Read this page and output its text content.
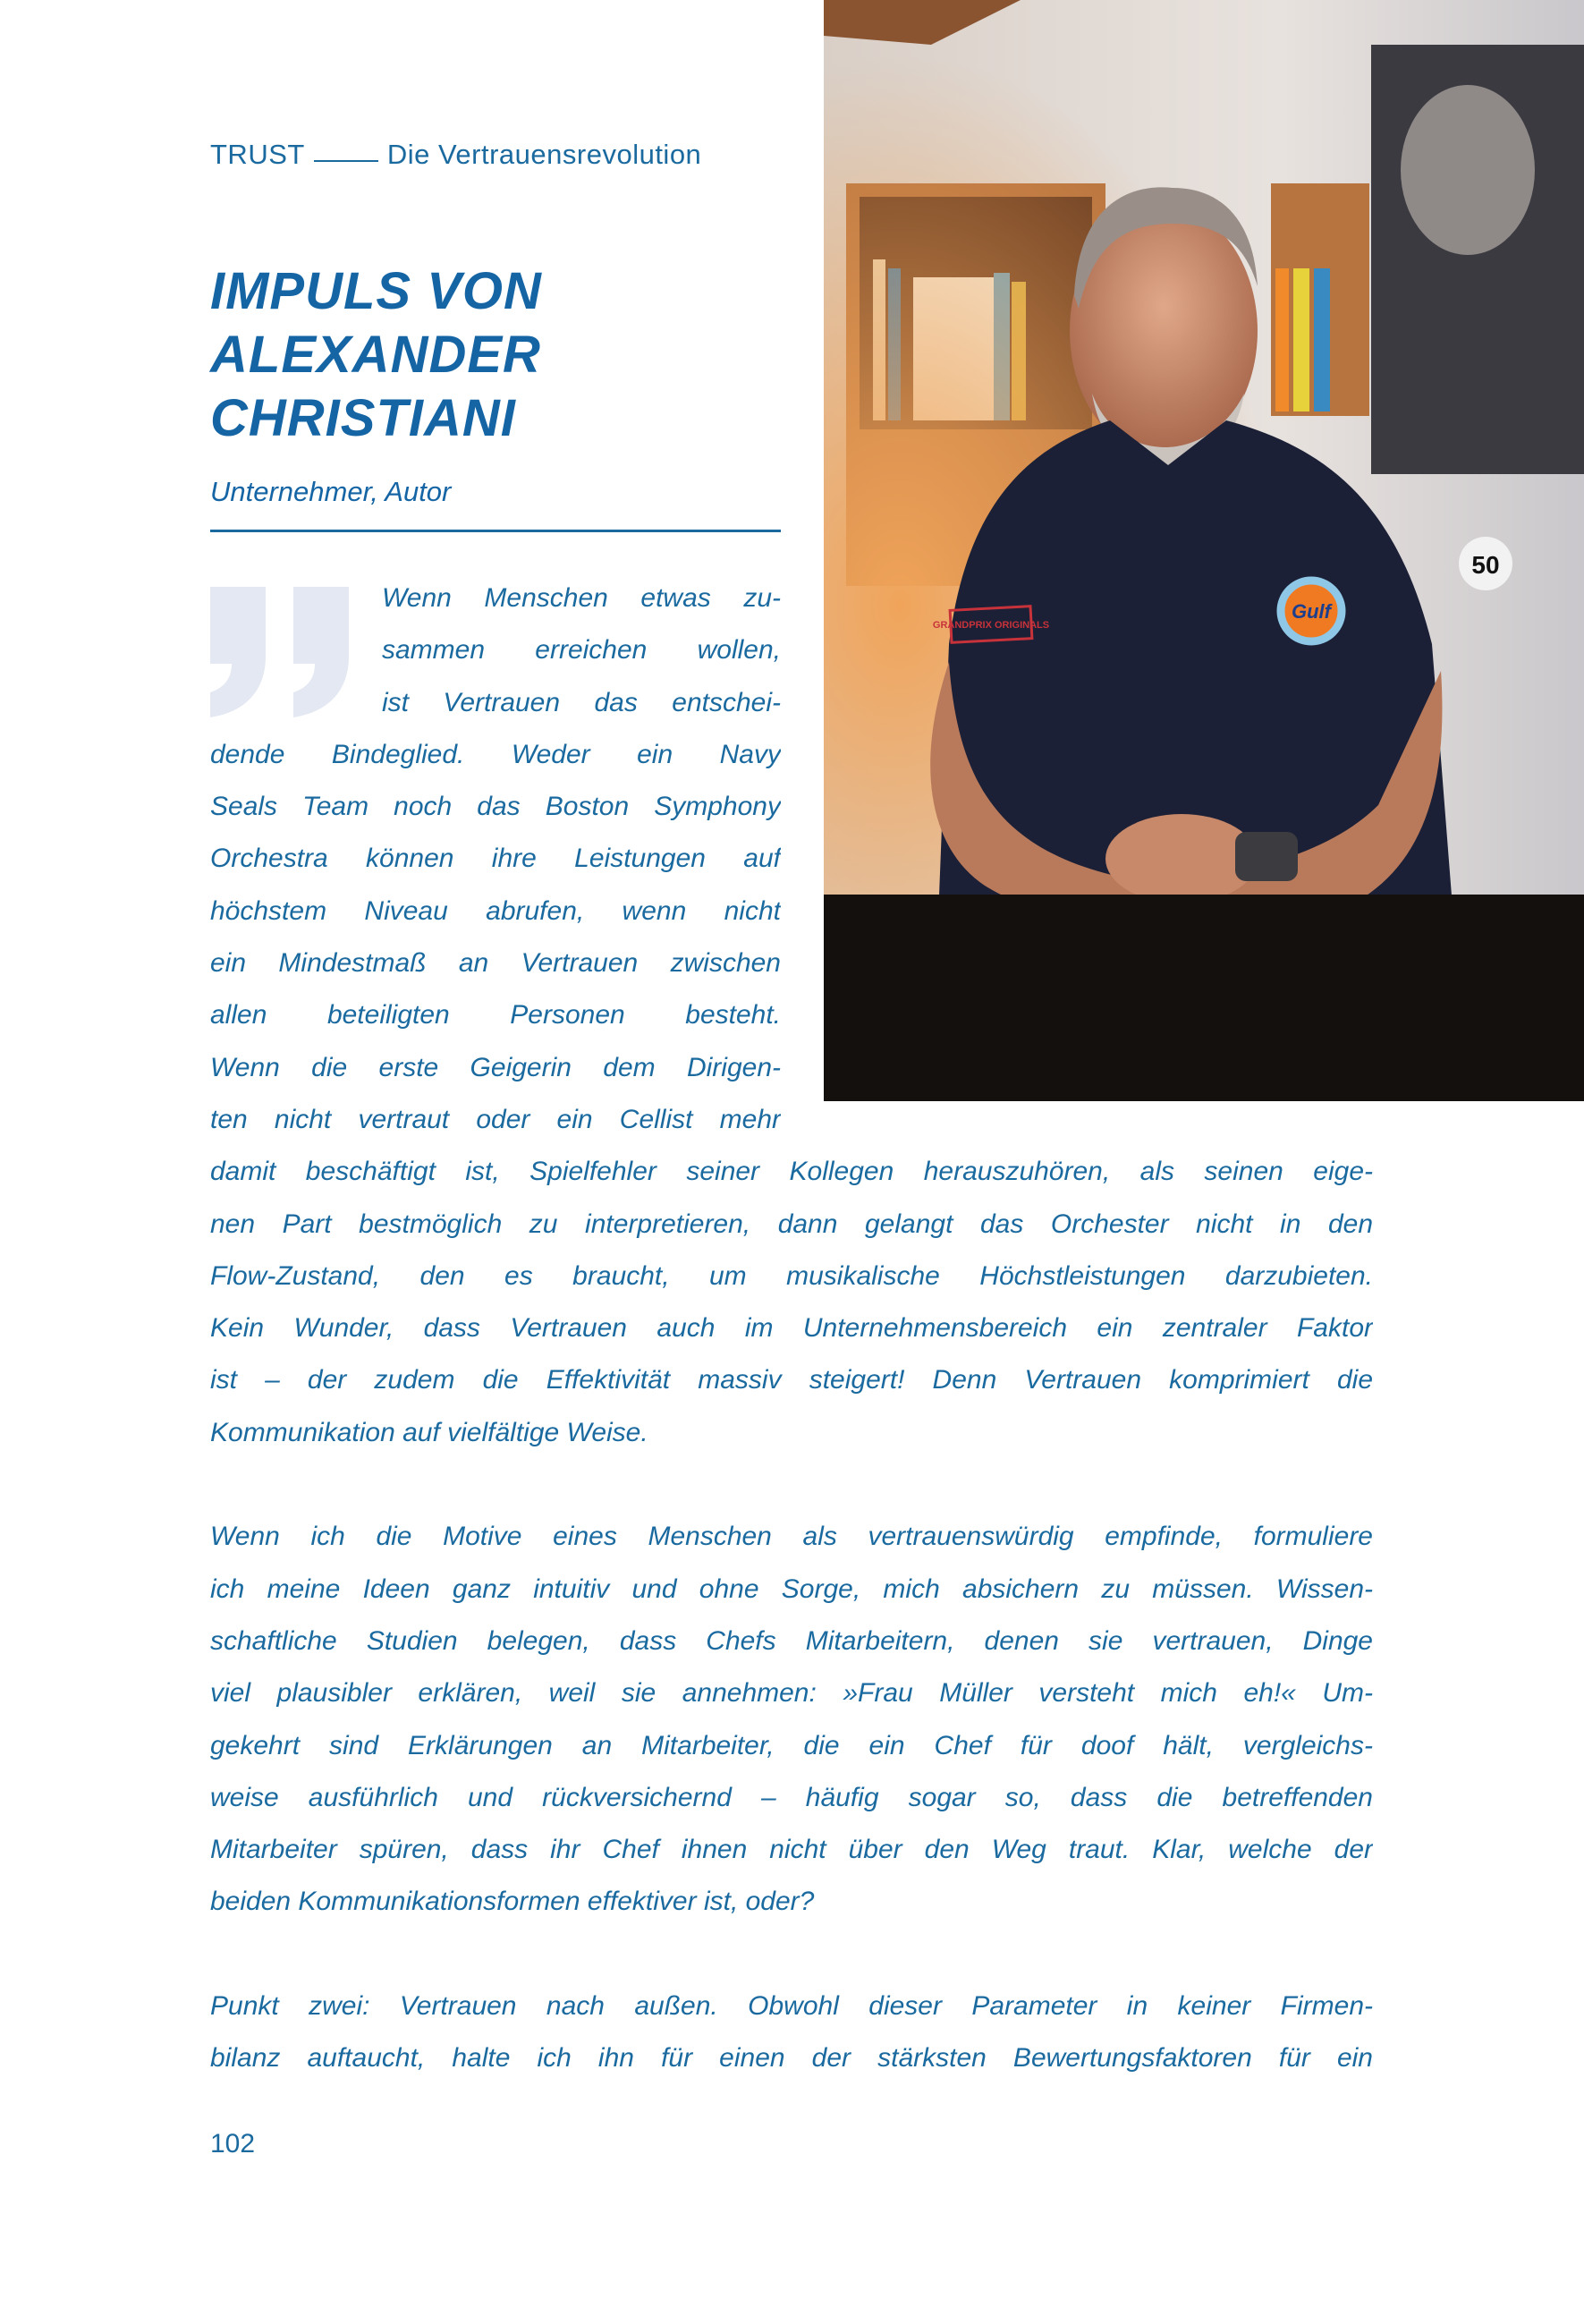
TRUST	Die Vertrauensrevolution
IMPULS VON
ALEXANDER
CHRISTIANI
Unternehmer, Autor
GRANDPRIX ORIGINALS
Gulf
50
Wenn Menschen etwas zu-
sammen erreichen wollen,
ist Vertrauen das entschei-
dende Bindeglied. Weder ein Navy
Seals Team noch das Boston Symphony
Orchestra können ihre Leistungen auf
höchstem Niveau abrufen, wenn nicht
ein Mindestmaß an Vertrauen zwischen
allen beteiligten Personen besteht.
Wenn die erste Geigerin dem Dirigen-
ten nicht vertraut oder ein Cellist mehr
damit beschäftigt ist, Spielfehler seiner Kollegen herauszuhören, als seinen eige-
nen Part bestmöglich zu interpretieren, dann gelangt das Orchester nicht in den
Flow-Zustand, den es braucht, um musikalische Höchstleistungen darzubieten.
Kein Wunder, dass Vertrauen auch im Unternehmensbereich ein zentraler Faktor
ist – der zudem die Effektivität massiv steigert! Denn Vertrauen komprimiert die
Kommunikation auf vielfältige Weise.
Wenn ich die Motive eines Menschen als vertrauenswürdig empfinde, formuliere
ich meine Ideen ganz intuitiv und ohne Sorge, mich absichern zu müssen. Wissen-
schaftliche Studien belegen, dass Chefs Mitarbeitern, denen sie vertrauen, Dinge
viel plausibler erklären, weil sie annehmen: »Frau Müller versteht mich eh!« Um-
gekehrt sind Erklärungen an Mitarbeiter, die ein Chef für doof hält, vergleichs-
weise ausführlich und rückversichernd – häufig sogar so, dass die betreffenden
Mitarbeiter spüren, dass ihr Chef ihnen nicht über den Weg traut. Klar, welche der
beiden Kommunikationsformen effektiver ist, oder?
Punkt zwei: Vertrauen nach außen. Obwohl dieser Parameter in keiner Firmen-
bilanz auftaucht, halte ich ihn für einen der stärksten Bewertungsfaktoren für ein
102
